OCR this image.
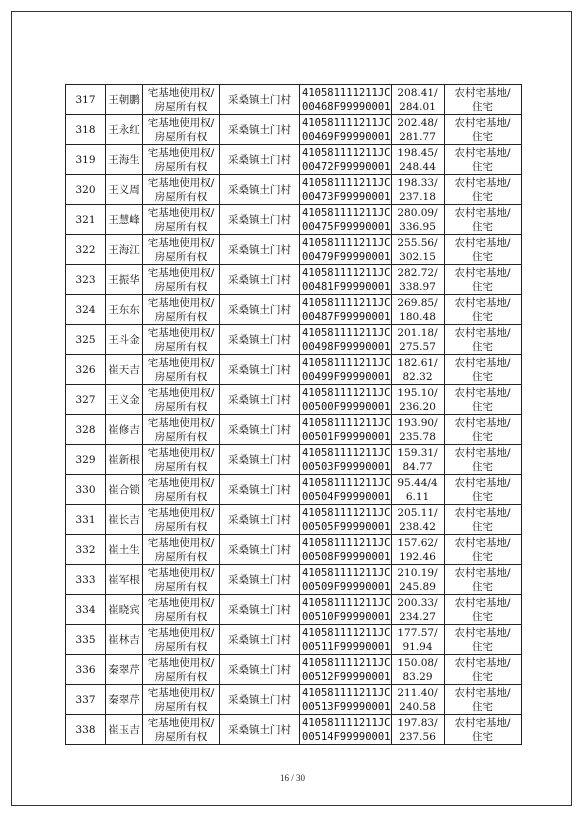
317	王朝鹏	宅基地使用权/
房屋所有权	采桑镇土门村	410581111211JC
00468F99990001	208.41/
284.01	农村宅基地/
住宅

318	王永红	宅基地使用权/
房屋所有权	采桑镇土门村	410581111211JC
00469F99990001	202.48/
281.77	农村宅基地/
住宅

319	王海生	宅基地使用权/
房屋所有权	采桑镇土门村	410581111211JC
00472F99990001	198.45/
248.44	农村宅基地/
住宅

320	王义周	宅基地使用权/
房屋所有权	采桑镇土门村	410581111211JC
00473F99990001	198.33/
237.18	农村宅基地/
住宅

321	王慧峰	宅基地使用权/
房屋所有权	采桑镇土门村	410581111211JC
00475F99990001	280.09/
336.95	农村宅基地/
住宅

322	王海江	宅基地使用权/
房屋所有权	采桑镇土门村	410581111211JC
00479F99990001	255.56/
302.15	农村宅基地/
住宅

323	王振华	宅基地使用权/
房屋所有权	采桑镇土门村	410581111211JC
00481F99990001	282.72/
338.97	农村宅基地/
住宅

324	王东东	宅基地使用权/
房屋所有权	采桑镇土门村	410581111211JC
00487F99990001	269.85/
180.48	农村宅基地/
住宅

325	王斗金	宅基地使用权/
房屋所有权	采桑镇土门村	410581111211JC
00498F99990001	201.18/
275.57	农村宅基地/
住宅

326	崔天吉	宅基地使用权/
房屋所有权	采桑镇土门村	410581111211JC
00499F99990001	182.61/
82.32	农村宅基地/
住宅

327	王义金	宅基地使用权/
房屋所有权	采桑镇土门村	410581111211JC
00500F99990001	195.10/
236.20	农村宅基地/
住宅

328	崔修吉	宅基地使用权/
房屋所有权	采桑镇土门村	410581111211JC
00501F99990001	193.90/
235.78	农村宅基地/
住宅

329	崔新根	宅基地使用权/
房屋所有权	采桑镇土门村	410581111211JC
00503F99990001	159.31/
84.77	农村宅基地/
住宅

330	崔合锁	宅基地使用权/
房屋所有权	采桑镇土门村	410581111211JC
00504F99990001	95.44/4
6.11	农村宅基地/
住宅

331	崔长吉	宅基地使用权/
房屋所有权	采桑镇土门村	410581111211JC
00505F99990001	205.11/
238.42	农村宅基地/
住宅

332	崔土生	宅基地使用权/
房屋所有权	采桑镇土门村	410581111211JC
00508F99990001	157.62/
192.46	农村宅基地/
住宅

333	崔军根	宅基地使用权/
房屋所有权	采桑镇土门村	410581111211JC
00509F99990001	210.19/
245.89	农村宅基地/
住宅

334	崔晓宾	宅基地使用权/
房屋所有权	采桑镇土门村	410581111211JC
00510F99990001	200.33/
234.27	农村宅基地/
住宅

335	崔林吉	宅基地使用权/
房屋所有权	采桑镇土门村	410581111211JC
00511F99990001	177.57/
91.94	农村宅基地/
住宅

336	秦翠芹	宅基地使用权/
房屋所有权	采桑镇土门村	410581111211JC
00512F99990001	150.08/
83.29	农村宅基地/
住宅

337	秦翠芹	宅基地使用权/
房屋所有权	采桑镇土门村	410581111211JC
00513F99990001	211.40/
240.58	农村宅基地/
住宅

338	崔玉吉	宅基地使用权/
房屋所有权	采桑镇土门村	410581111211JC
00514F99990001	197.83/
237.56	农村宅基地/
住宅
16 / 30
